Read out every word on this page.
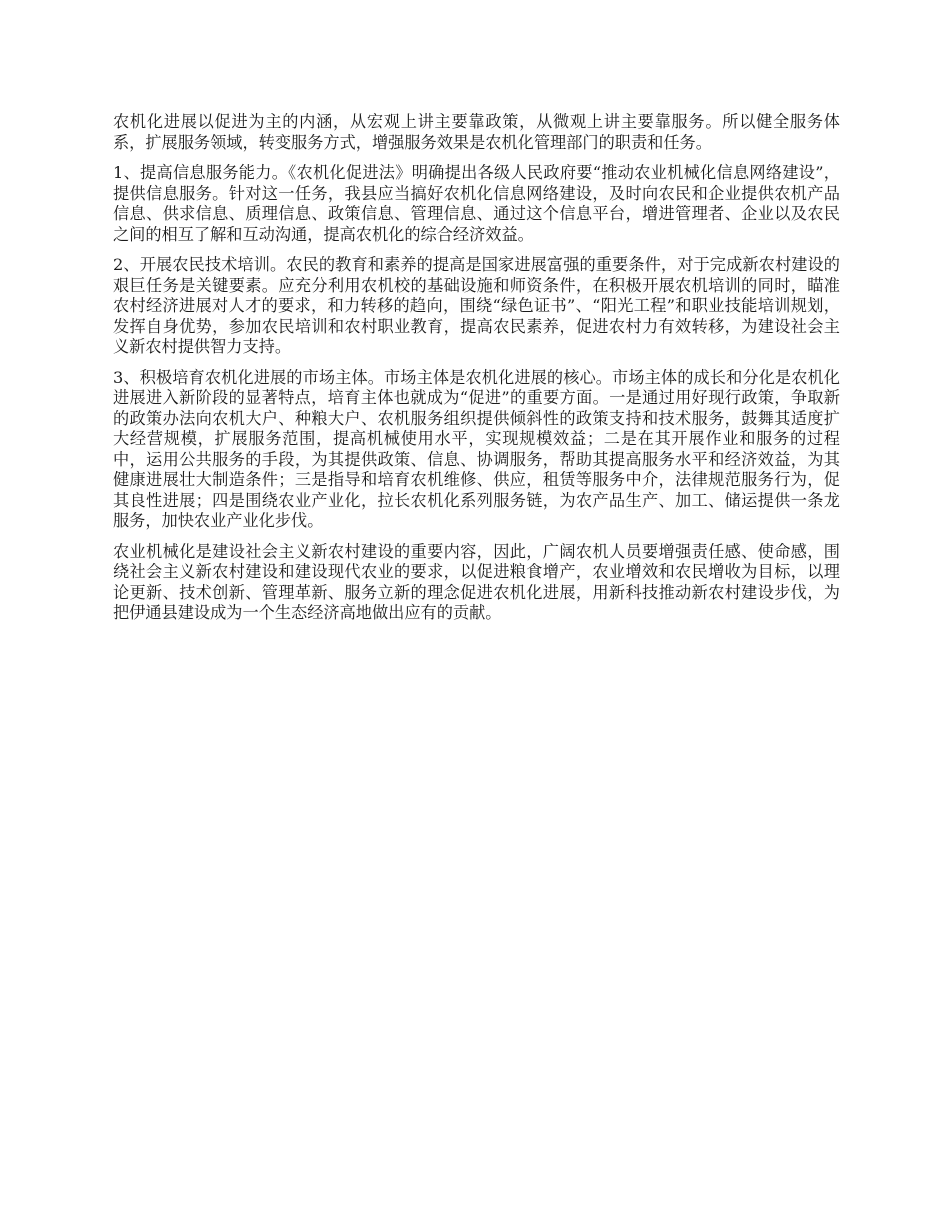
农机化进展以促进为主的内涵，从宏观上讲主要靠政策，从微观上讲主要靠服务。所以健全服务体系，扩展服务领域，转变服务方式，增强服务效果是农机化管理部门的职责和任务。

1、提高信息服务能力。《农机化促进法》明确提出各级人民政府要“推动农业机械化信息网络建设”，提供信息服务。针对这一任务，我县应当搞好农机化信息网络建设，及时向农民和企业提供农机产品信息、供求信息、质理信息、政策信息、管理信息、通过这个信息平台，增进管理者、企业以及农民之间的相互了解和互动沟通，提高农机化的综合经济效益。

2、开展农民技术培训。农民的教育和素养的提高是国家进展富强的重要条件，对于完成新农村建设的艰巨任务是关键要素。应充分利用农机校的基础设施和师资条件，在积极开展农机培训的同时，瞄准农村经济进展对人才的要求，和力转移的趋向，围绕“绿色证书”、“阳光工程”和职业技能培训规划，发挥自身优势，参加农民培训和农村职业教育，提高农民素养，促进农村力有效转移，为建设社会主义新农村提供智力支持。

3、积极培育农机化进展的市场主体。市场主体是农机化进展的核心。市场主体的成长和分化是农机化进展进入新阶段的显著特点，培育主体也就成为“促进”的重要方面。一是通过用好现行政策，争取新的政策办法向农机大户、种粮大户、农机服务组织提供倾斜性的政策支持和技术服务，鼓舞其适度扩大经营规模，扩展服务范围，提高机械使用水平，实现规模效益；二是在其开展作业和服务的过程中，运用公共服务的手段，为其提供政策、信息、协调服务，帮助其提高服务水平和经济效益，为其健康进展壮大制造条件；三是指导和培育农机维修、供应，租赁等服务中介，法律规范服务行为，促其良性进展；四是围绕农业产业化，拉长农机化系列服务链，为农产品生产、加工、储运提供一条龙服务，加快农业产业化步伐。

农业机械化是建设社会主义新农村建设的重要内容，因此，广阔农机人员要增强责任感、使命感，围绕社会主义新农村建设和建设现代农业的要求，以促进粮食增产，农业增效和农民增收为目标，以理论更新、技术创新、管理革新、服务立新的理念促进农机化进展，用新科技推动新农村建设步伐，为把伊通县建设成为一个生态经济高地做出应有的贡献。
